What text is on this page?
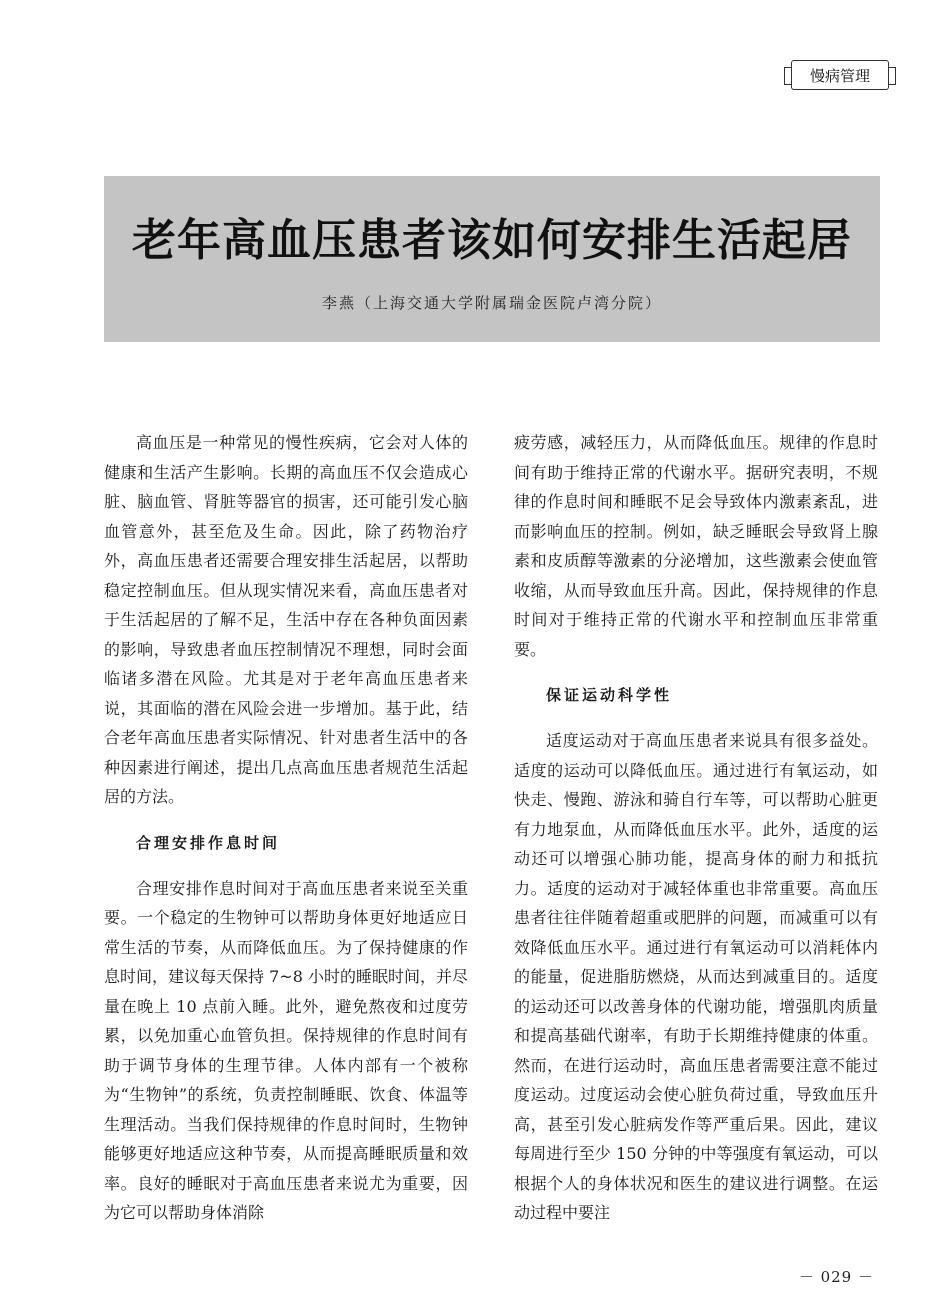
慢病管理
老年高血压患者该如何安排生活起居
李燕（上海交通大学附属瑞金医院卢湾分院）

高血压是一种常见的慢性疾病，它会对人体的健康和生活产生影响。长期的高血压不仅会造成心脏、脑血管、肾脏等器官的损害，还可能引发心脑血管意外，甚至危及生命。因此，除了药物治疗外，高血压患者还需要合理安排生活起居，以帮助稳定控制血压。但从现实情况来看，高血压患者对于生活起居的了解不足，生活中存在各种负面因素的影响，导致患者血压控制情况不理想，同时会面临诸多潜在风险。尤其是对于老年高血压患者来说，其面临的潜在风险会进一步增加。基于此，结合老年高血压患者实际情况、针对患者生活中的各种因素进行阐述，提出几点高血压患者规范生活起居的方法。

合理安排作息时间

合理安排作息时间对于高血压患者来说至关重要。一个稳定的生物钟可以帮助身体更好地适应日常生活的节奏，从而降低血压。为了保持健康的作息时间，建议每天保持 7~8 小时的睡眠时间，并尽量在晚上 10 点前入睡。此外，避免熬夜和过度劳累，以免加重心血管负担。保持规律的作息时间有助于调节身体的生理节律。人体内部有一个被称为“生物钟”的系统，负责控制睡眠、饮食、体温等生理活动。当我们保持规律的作息时间时，生物钟能够更好地适应这种节奏，从而提高睡眠质量和效率。良好的睡眠对于高血压患者来说尤为重要，因为它可以帮助身体消除

疲劳感，减轻压力，从而降低血压。规律的作息时间有助于维持正常的代谢水平。据研究表明，不规律的作息时间和睡眠不足会导致体内激素紊乱，进而影响血压的控制。例如，缺乏睡眠会导致肾上腺素和皮质醇等激素的分泌增加，这些激素会使血管收缩，从而导致血压升高。因此，保持规律的作息时间对于维持正常的代谢水平和控制血压非常重要。

保证运动科学性

适度运动对于高血压患者来说具有很多益处。适度的运动可以降低血压。通过进行有氧运动，如快走、慢跑、游泳和骑自行车等，可以帮助心脏更有力地泵血，从而降低血压水平。此外，适度的运动还可以增强心肺功能，提高身体的耐力和抵抗力。适度的运动对于减轻体重也非常重要。高血压患者往往伴随着超重或肥胖的问题，而减重可以有效降低血压水平。通过进行有氧运动可以消耗体内的能量，促进脂肪燃烧，从而达到减重目的。适度的运动还可以改善身体的代谢功能，增强肌肉质量和提高基础代谢率，有助于长期维持健康的体重。然而，在进行运动时，高血压患者需要注意不能过度运动。过度运动会使心脏负荷过重，导致血压升高，甚至引发心脏病发作等严重后果。因此，建议每周进行至少 150 分钟的中等强度有氧运动，可以根据个人的身体状况和医生的建议进行调整。在运动过程中要注

－ 029 －
